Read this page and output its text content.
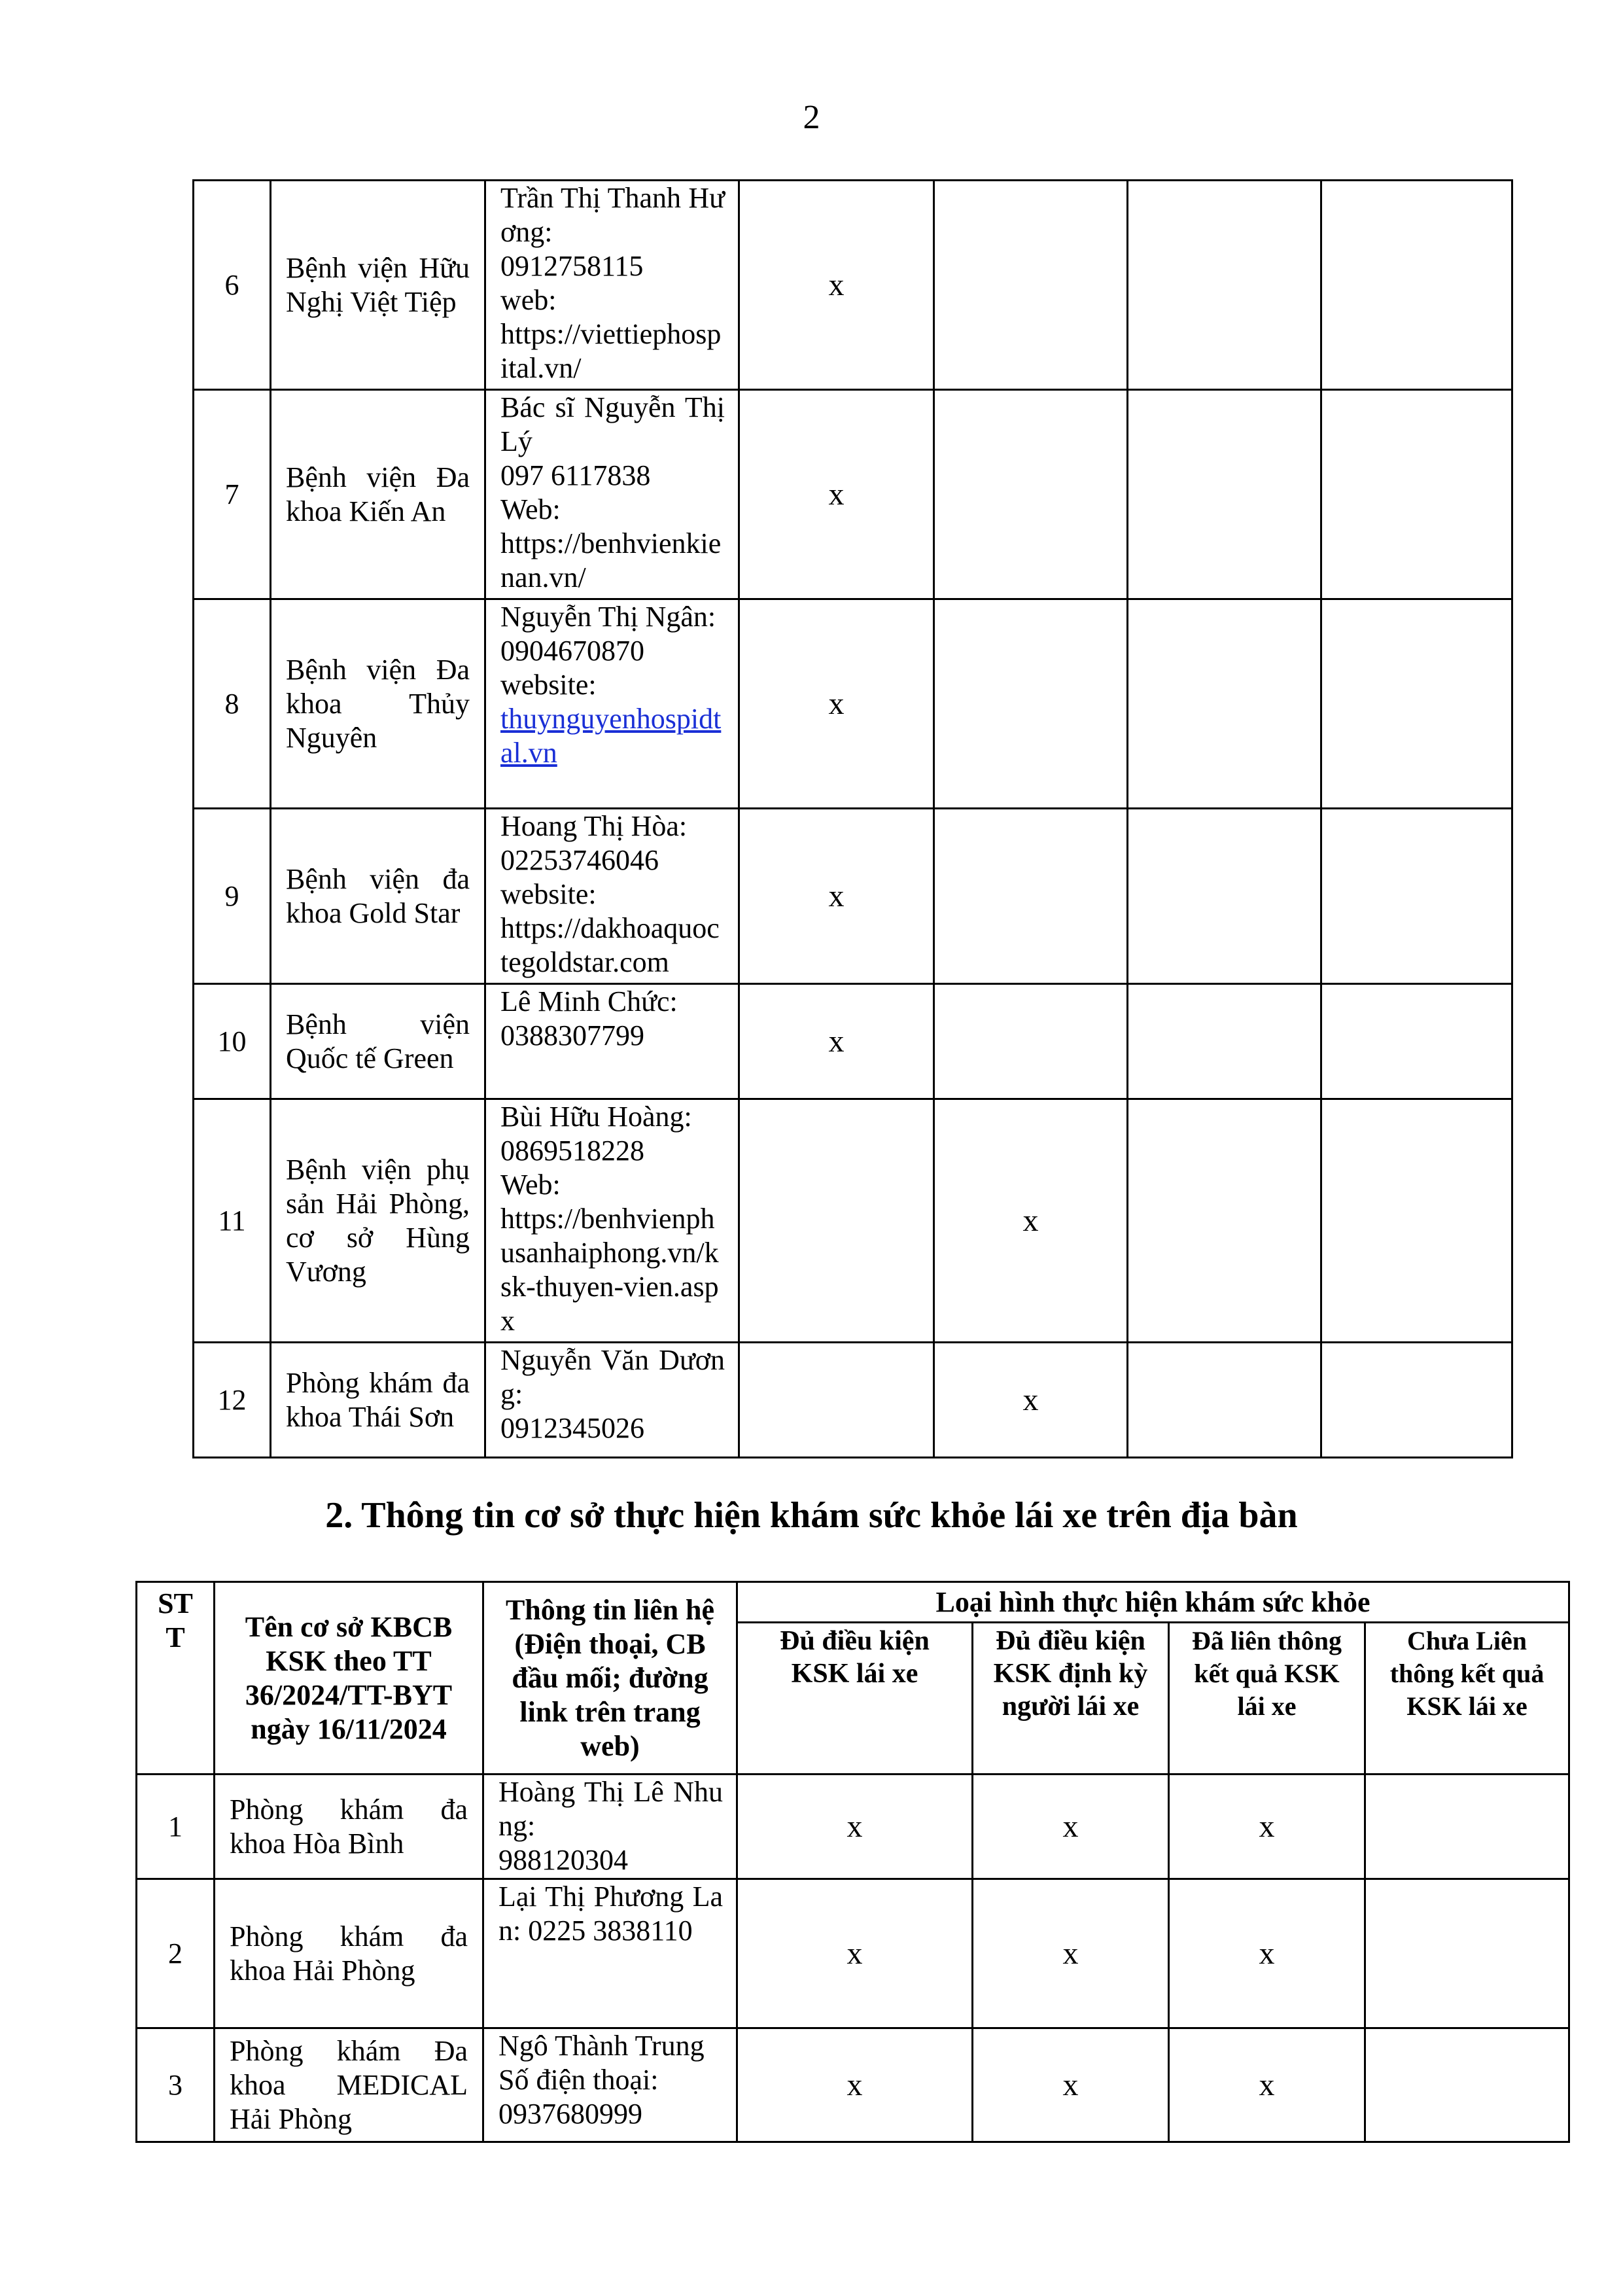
2
6	Bệnh viện Hữu Nghị Việt Tiệp	Trần Thị Thanh Hương:
0912758115
web:
https://viettiephospital.vn/	x			
7	Bệnh viện Đa khoa Kiến An	Bác sĩ Nguyễn Thị Lý
097 6117838
Web:
https://benhvienkienan.vn/	x			
8	Bệnh viện Đa khoa Thủy Nguyên	Nguyễn Thị Ngân:
0904670870
website:
thuynguyenhospidtal.vn	x			
9	Bệnh viện đa khoa Gold Star	Hoang Thị Hòa:
02253746046
website:
https://dakhoaquoctegoldstar.com	x			
10	Bệnh viện Quốc tế Green	Lê Minh Chức:
0388307799	x			
11	Bệnh viện phụ sản Hải Phòng, cơ sở Hùng Vương	Bùi Hữu Hoàng:
0869518228
Web:
https://benhvienphusanhaiphong.vn/ksk-thuyen-vien.aspx		x		
12	Phòng khám đa khoa Thái Sơn	Nguyễn Văn Dương:
0912345026		x		
2. Thông tin cơ sở thực hiện khám sức khỏe lái xe trên địa bàn
STT	Tên cơ sở KBCB KSK theo TT 36/2024/TT-BYT ngày 16/11/2024	Thông tin liên hệ (Điện thoại, CB đầu mối; đường link trên trang web)	Loại hình thực hiện khám sức khỏe			
			Đủ điều kiện KSK lái xe	Đủ điều kiện KSK định kỳ người lái xe	Đã liên thông kết quả KSK lái xe	Chưa Liên thông kết quả KSK lái xe
1	Phòng khám đa khoa Hòa Bình	Hoàng Thị Lê Nhung:
988120304	x	x	x	
2	Phòng khám đa khoa Hải Phòng	Lại Thị Phương Lan: 0225 3838110	x	x	x	
3	Phòng khám Đa khoa MEDICAL Hải Phòng	Ngô Thành Trung
Số điện thoại:
0937680999	x	x	x	
